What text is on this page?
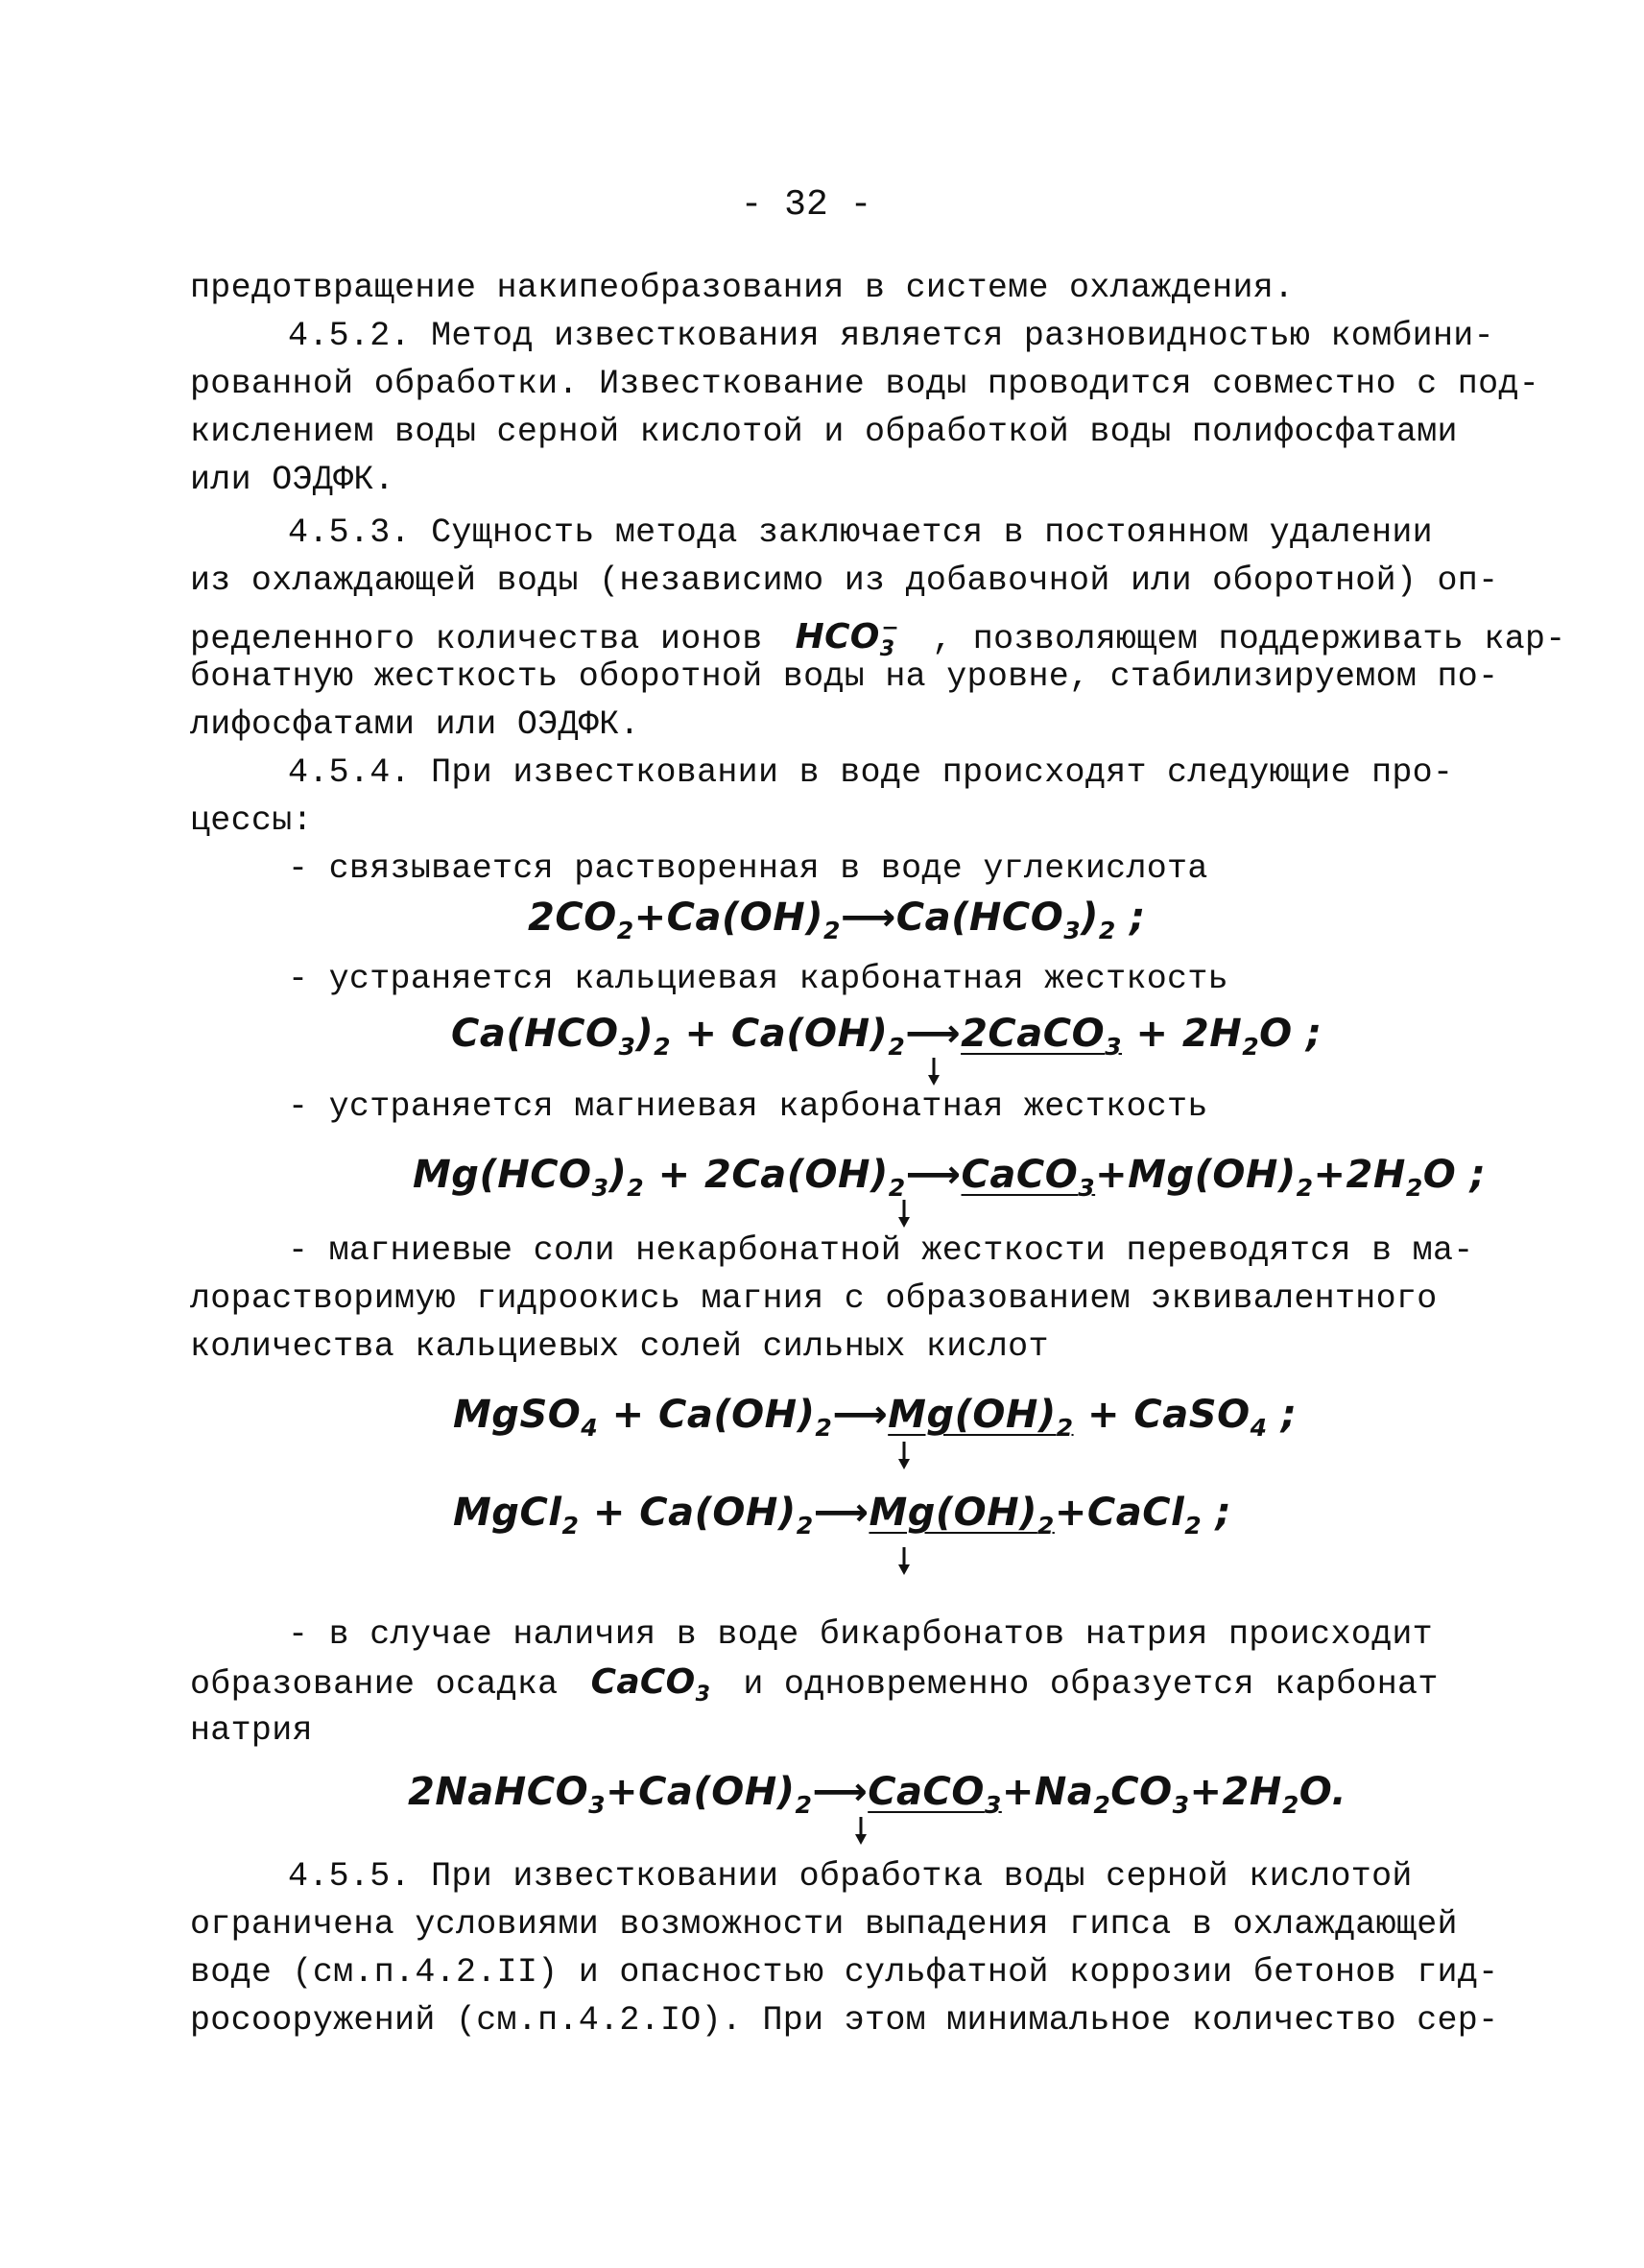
- 32 -
предотвращение накипеобразования в системе охлаждения.
4.5.2. Метод известкования является разновидностью комбини-
рованной обработки. Известкование воды проводится совместно с под-
кислением воды серной кислотой и обработкой воды полифосфатами
или ОЭДФК.
4.5.3. Сущность метода заключается в постоянном удалении
из охлаждающей воды (независимо из добавочной или оборотной) оп-
ределенного количества ионов  $HCO_3^-$ , позволяющем поддерживать кар-
бонатную жесткость оборотной воды на уровне, стабилизируемом по-
лифосфатами или ОЭДФК.
4.5.4. При известковании в воде происходят следующие про-
цессы:
- связывается растворенная в воде углекислота
$2CO_2+Ca(OH)_2⟶Ca(HCO_3)_2$ ;
- устраняется кальциевая карбонатная жесткость
$Ca(HCO_3)_2$ + $Ca(OH)_2⟶2CaCO_3 + 2H_2O$ ;
- устраняется магниевая карбонатная жесткость
$Mg(HCO_3)_2$ + $2Ca(OH)_2⟶CaCO_3+Mg(OH)_2+2H_2O$ ;
- магниевые соли некарбонатной жесткости переводятся в ма-
лорастворимую гидроокись магния с образованием эквивалентного
количества кальциевых солей сильных кислот
MgSO$_4$ + $Ca(OH)_2⟶Mg(OH)_2$ + CaSO$_4$ ;
MgCl$_2$ + $Ca(OH)_2⟶Mg(OH)_2+CaCl_2$ ;
- в случае наличия в воде бикарбонатов натрия происходит
образование осадка  CaCO$_3$ и одновременно образуется карбонат
натрия
$2NaHCO_3+Ca(OH)_2⟶CaCO_3+Na_2CO_3+2H_2O$.
4.5.5. При известковании обработка воды серной кислотой
ограничена условиями возможности выпадения гипса в охлаждающей
воде (см.п.4.2.II) и опасностью сульфатной коррозии бетонов гид-
росооружений (см.п.4.2.IO). При этом минимальное количество сер-
